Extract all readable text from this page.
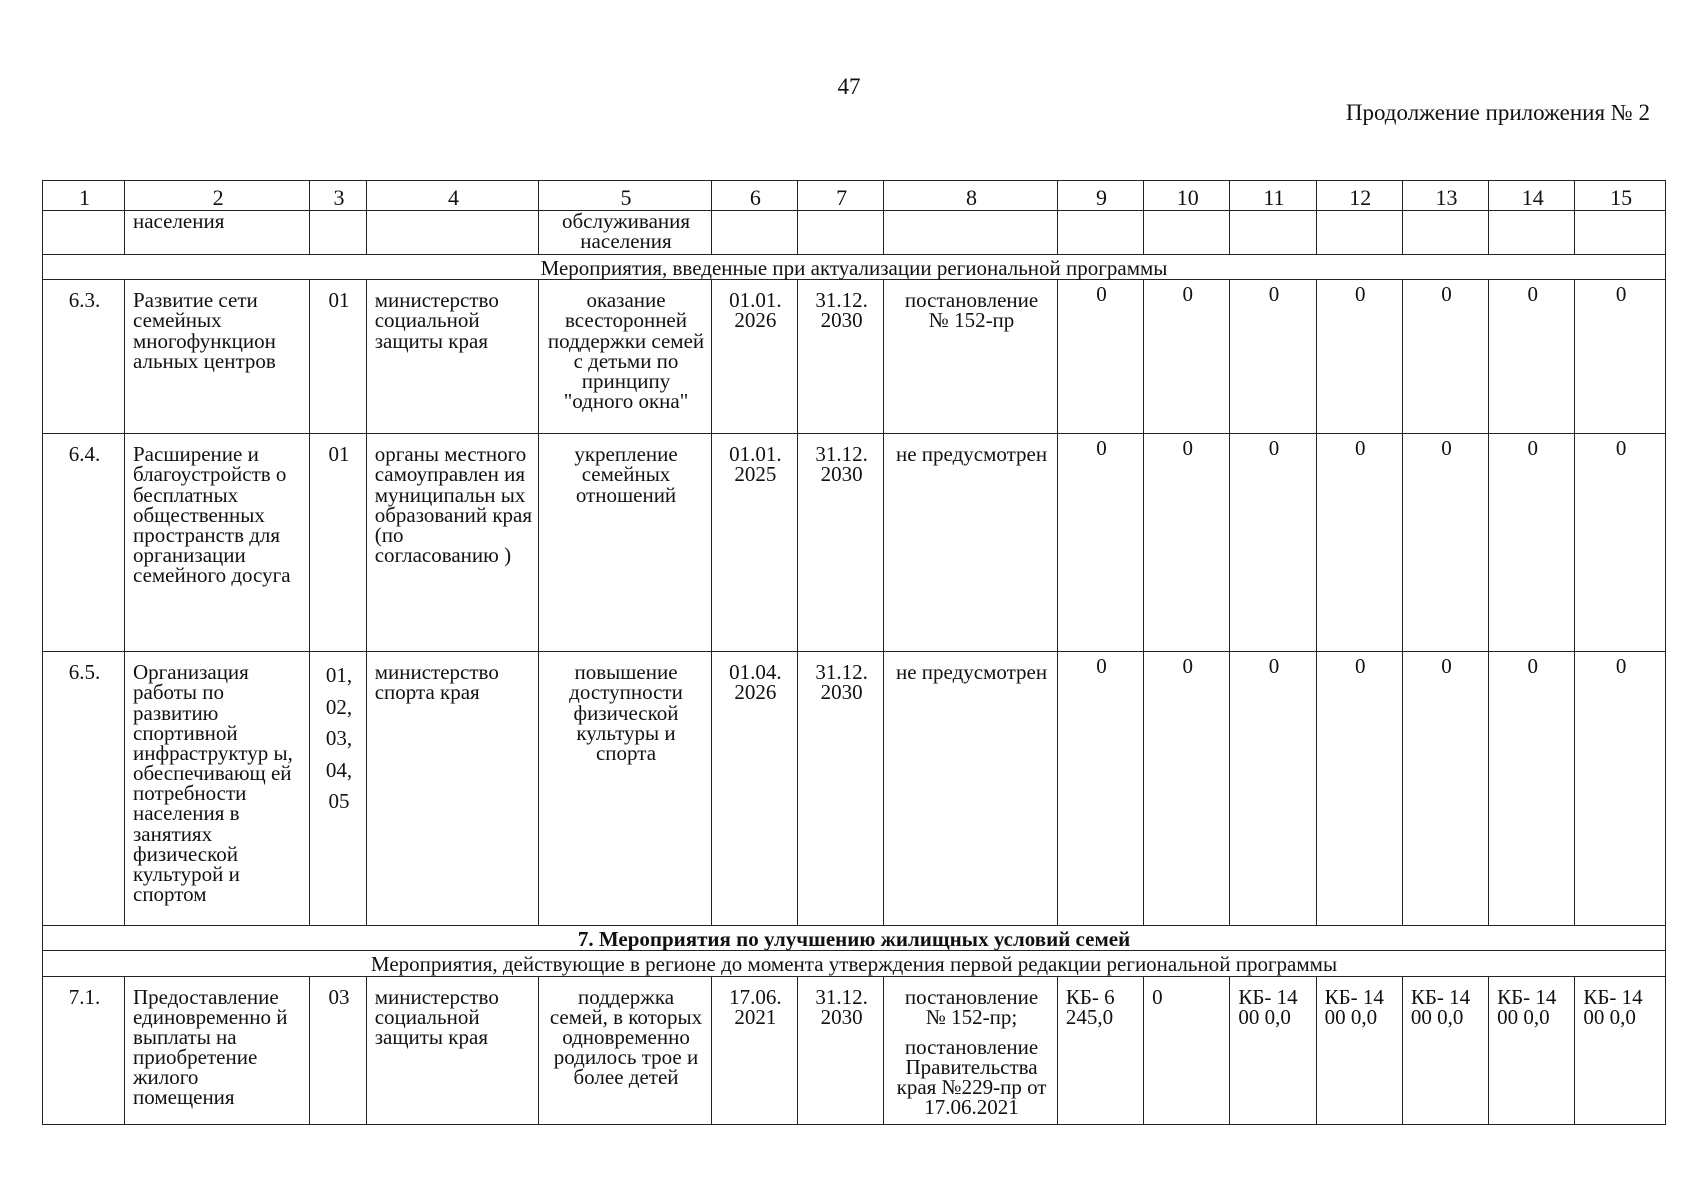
47
Продолжение приложения № 2
1	2	3	4	5	6	7	8	9	10	11	12	13	14	15
	населения			обслуживания населения										
Мероприятия, введенные при актуализации региональной программы														
6.3.	Развитие сети семейных многофункцион альных центров	01	министерство социальной защиты края	оказание всесторонней поддержки семей с детьми по принципу "одного окна"	01.01. 2026	31.12. 2030	постановление № 152-пр	0	0	0	0	0	0	0
6.4.	Расширение и благоустройств о бесплатных общественных пространств для организации семейного досуга	01	органы местного самоуправлен ия муниципальн ых образований края (по согласованию )	укрепление семейных отношений	01.01. 2025	31.12. 2030	не предусмотрен	0	0	0	0	0	0	0
6.5.	Организация работы по развитию спортивной инфраструктур ы, обеспечивающ ей потребности населения в занятиях физической культурой и спортом	01,
02,
03,
04,
05	министерство спорта края	повышение доступности физической культуры и спорта	01.04. 2026	31.12. 2030	не предусмотрен	0	0	0	0	0	0	0
7. Мероприятия по улучшению жилищных условий семей														
Мероприятия, действующие в регионе до момента утверждения первой редакции региональной программы														
7.1.	Предоставление единовременно й выплаты на приобретение жилого помещения	03	министерство социальной защиты края	поддержка семей, в которых одновременно родилось трое и более детей	17.06. 2021	31.12. 2030	постановление № 152-пр;

постановление Правительства края №229-пр от 17.06.2021	КБ- 6 245,0	0	КБ- 14 00 0,0	КБ- 14 00 0,0	КБ- 14 00 0,0	КБ- 14 00 0,0	КБ- 14 00 0,0
